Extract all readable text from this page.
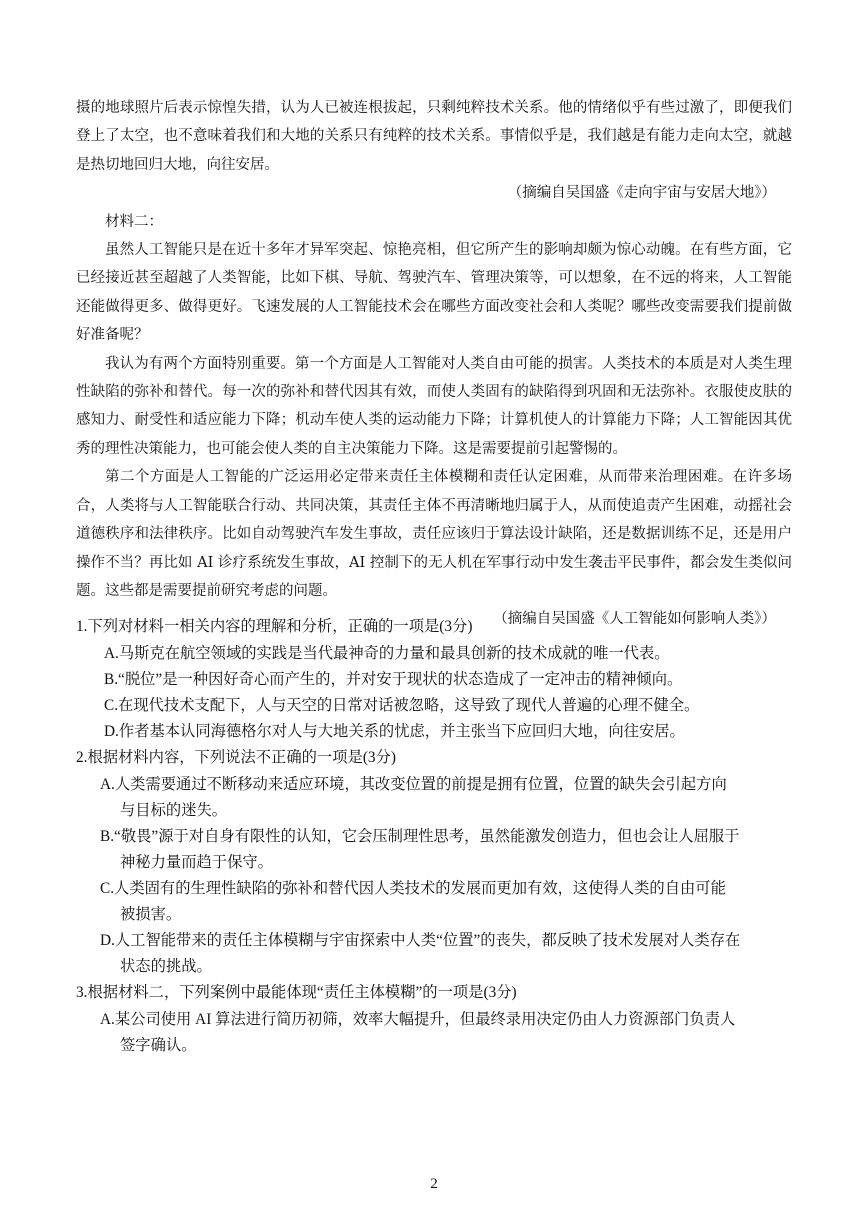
摄的地球照片后表示惊惶失措，认为人已被连根拔起，只剩纯粹技术关系。他的情绪似乎有些过激了，即便我们登上了太空，也不意味着我们和大地的关系只有纯粹的技术关系。事情似乎是，我们越是有能力走向太空，就越是热切地回归大地，向往安居。

（摘编自吴国盛《走向宇宙与安居大地》）

材料二：

虽然人工智能只是在近十多年才异军突起、惊艳亮相，但它所产生的影响却颇为惊心动魄。在有些方面，它已经接近甚至超越了人类智能，比如下棋、导航、驾驶汽车、管理决策等，可以想象，在不远的将来，人工智能还能做得更多、做得更好。飞速发展的人工智能技术会在哪些方面改变社会和人类呢？哪些改变需要我们提前做好准备呢？

我认为有两个方面特别重要。第一个方面是人工智能对人类自由可能的损害。人类技术的本质是对人类生理性缺陷的弥补和替代。每一次的弥补和替代因其有效，而使人类固有的缺陷得到巩固和无法弥补。衣服使皮肤的感知力、耐受性和适应能力下降；机动车使人类的运动能力下降；计算机使人的计算能力下降；人工智能因其优秀的理性决策能力，也可能会使人类的自主决策能力下降。这是需要提前引起警惕的。

第二个方面是人工智能的广泛运用必定带来责任主体模糊和责任认定困难，从而带来治理困难。在许多场合，人类将与人工智能联合行动、共同决策，其责任主体不再清晰地归属于人，从而使追责产生困难，动摇社会道德秩序和法律秩序。比如自动驾驶汽车发生事故，责任应该归于算法设计缺陷，还是数据训练不足，还是用户操作不当？再比如 AI 诊疗系统发生事故，AI 控制下的无人机在军事行动中发生袭击平民事件，都会发生类似问题。这些都是需要提前研究考虑的问题。

（摘编自吴国盛《人工智能如何影响人类》）

1.下列对材料一相关内容的理解和分析，正确的一项是(3分)

A.马斯克在航空领域的实践是当代最神奇的力量和最具创新的技术成就的唯一代表。

B.“脱位”是一种因好奇心而产生的，并对安于现状的状态造成了一定冲击的精神倾向。

C.在现代技术支配下，人与天空的日常对话被忽略，这导致了现代人普遍的心理不健全。

D.作者基本认同海德格尔对人与大地关系的忧虑，并主张当下应回归大地，向往安居。

2.根据材料内容，下列说法不正确的一项是(3分)

A.人类需要通过不断移动来适应环境，其改变位置的前提是拥有位置，位置的缺失会引起方向
与目标的迷失。

B.“敬畏”源于对自身有限性的认知，它会压制理性思考，虽然能激发创造力，但也会让人屈服于
神秘力量而趋于保守。

C.人类固有的生理性缺陷的弥补和替代因人类技术的发展而更加有效，这使得人类的自由可能
被损害。

D.人工智能带来的责任主体模糊与宇宙探索中人类“位置”的丧失，都反映了技术发展对人类存在
状态的挑战。

3.根据材料二，下列案例中最能体现“责任主体模糊”的一项是(3分)

A.某公司使用 AI 算法进行简历初筛，效率大幅提升，但最终录用决定仍由人力资源部门负责人
签字确认。

2
